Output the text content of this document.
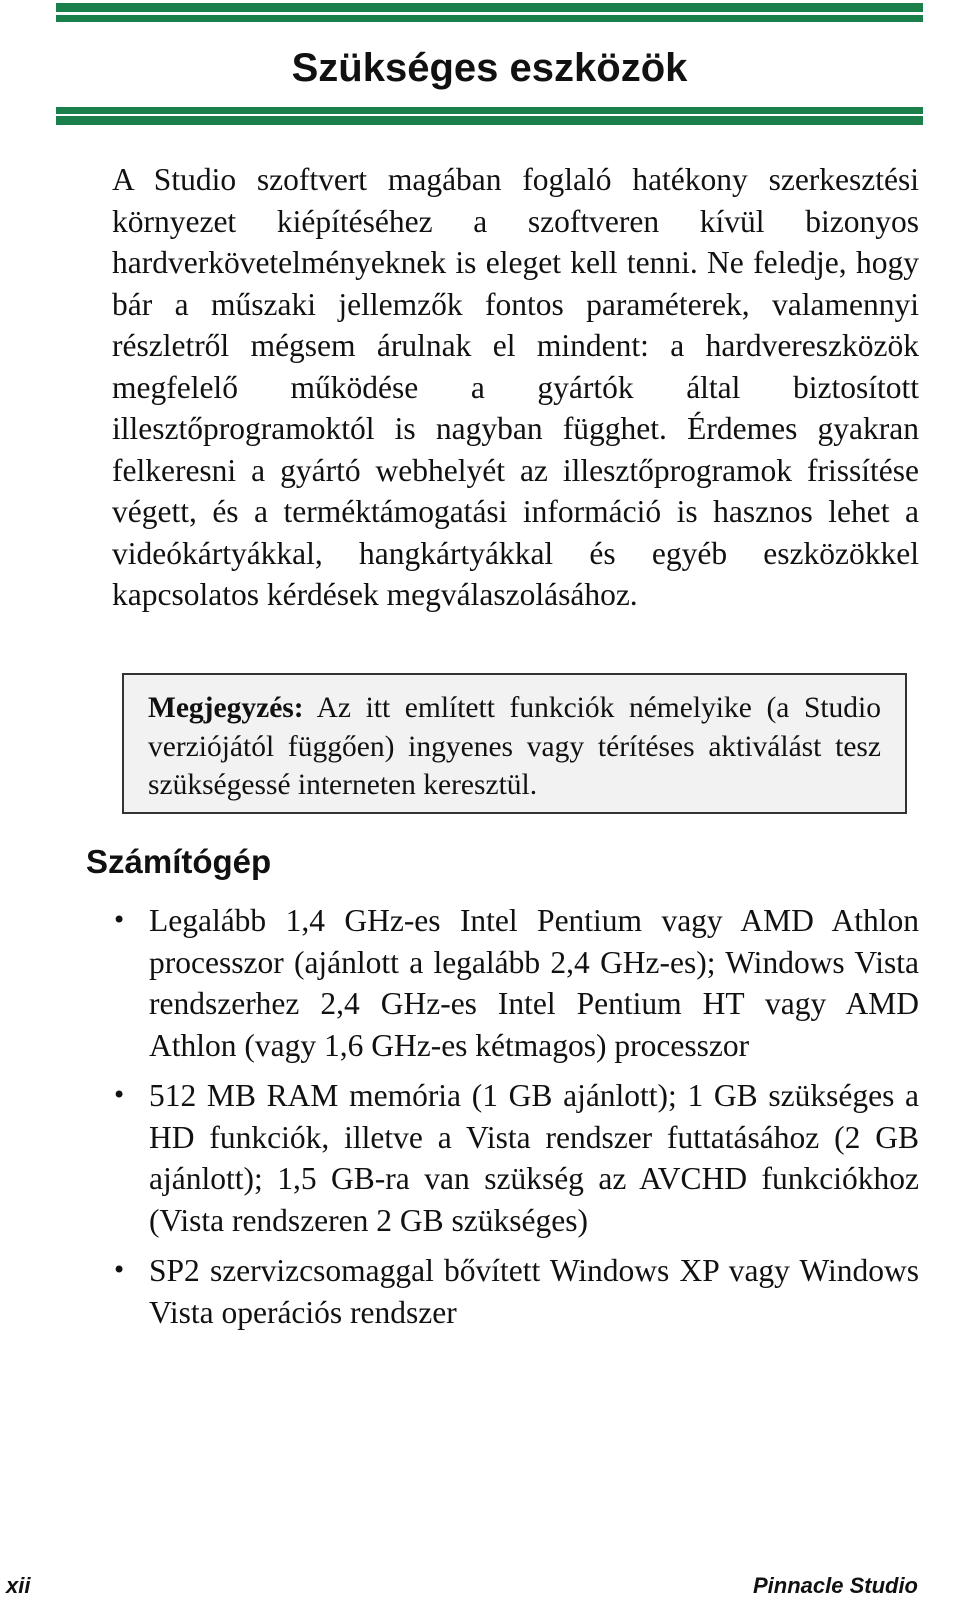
Szükséges eszközök

A Studio szoftvert magában foglaló hatékony szerkesztési környezet kiépítéséhez a szoftveren kívül bizonyos hardverkövetelményeknek is eleget kell tenni. Ne feledje, hogy bár a műszaki jellemzők fontos paraméterek, valamennyi részletről mégsem árulnak el mindent: a hardvereszközök megfelelő működése a gyártók által biztosított illesztőprogramoktól is nagyban függhet. Érdemes gyakran felkeresni a gyártó webhelyét az illesztőprogramok frissítése végett, és a terméktámogatási információ is hasznos lehet a videókártyákkal, hangkártyákkal és egyéb eszközökkel kapcsolatos kérdések megválaszolásához.

Megjegyzés: Az itt említett funkciók némelyike (a Studio verziójától függően) ingyenes vagy térítéses aktiválást tesz szükségessé interneten keresztül.

Számítógép
• Legalább 1,4 GHz-es Intel Pentium vagy AMD Athlon processzor (ajánlott a legalább 2,4 GHz-es); Windows Vista rendszerhez 2,4 GHz-es Intel Pentium HT vagy AMD Athlon (vagy 1,6 GHz-es kétmagos) processzor
• 512 MB RAM memória (1 GB ajánlott); 1 GB szükséges a HD funkciók, illetve a Vista rendszer futtatásához (2 GB ajánlott); 1,5 GB-ra van szükség az AVCHD funkciókhoz (Vista rendszeren 2 GB szükséges)
• SP2 szervizcsomaggal bővített Windows XP vagy Windows Vista operációs rendszer
xii	Pinnacle Studio
